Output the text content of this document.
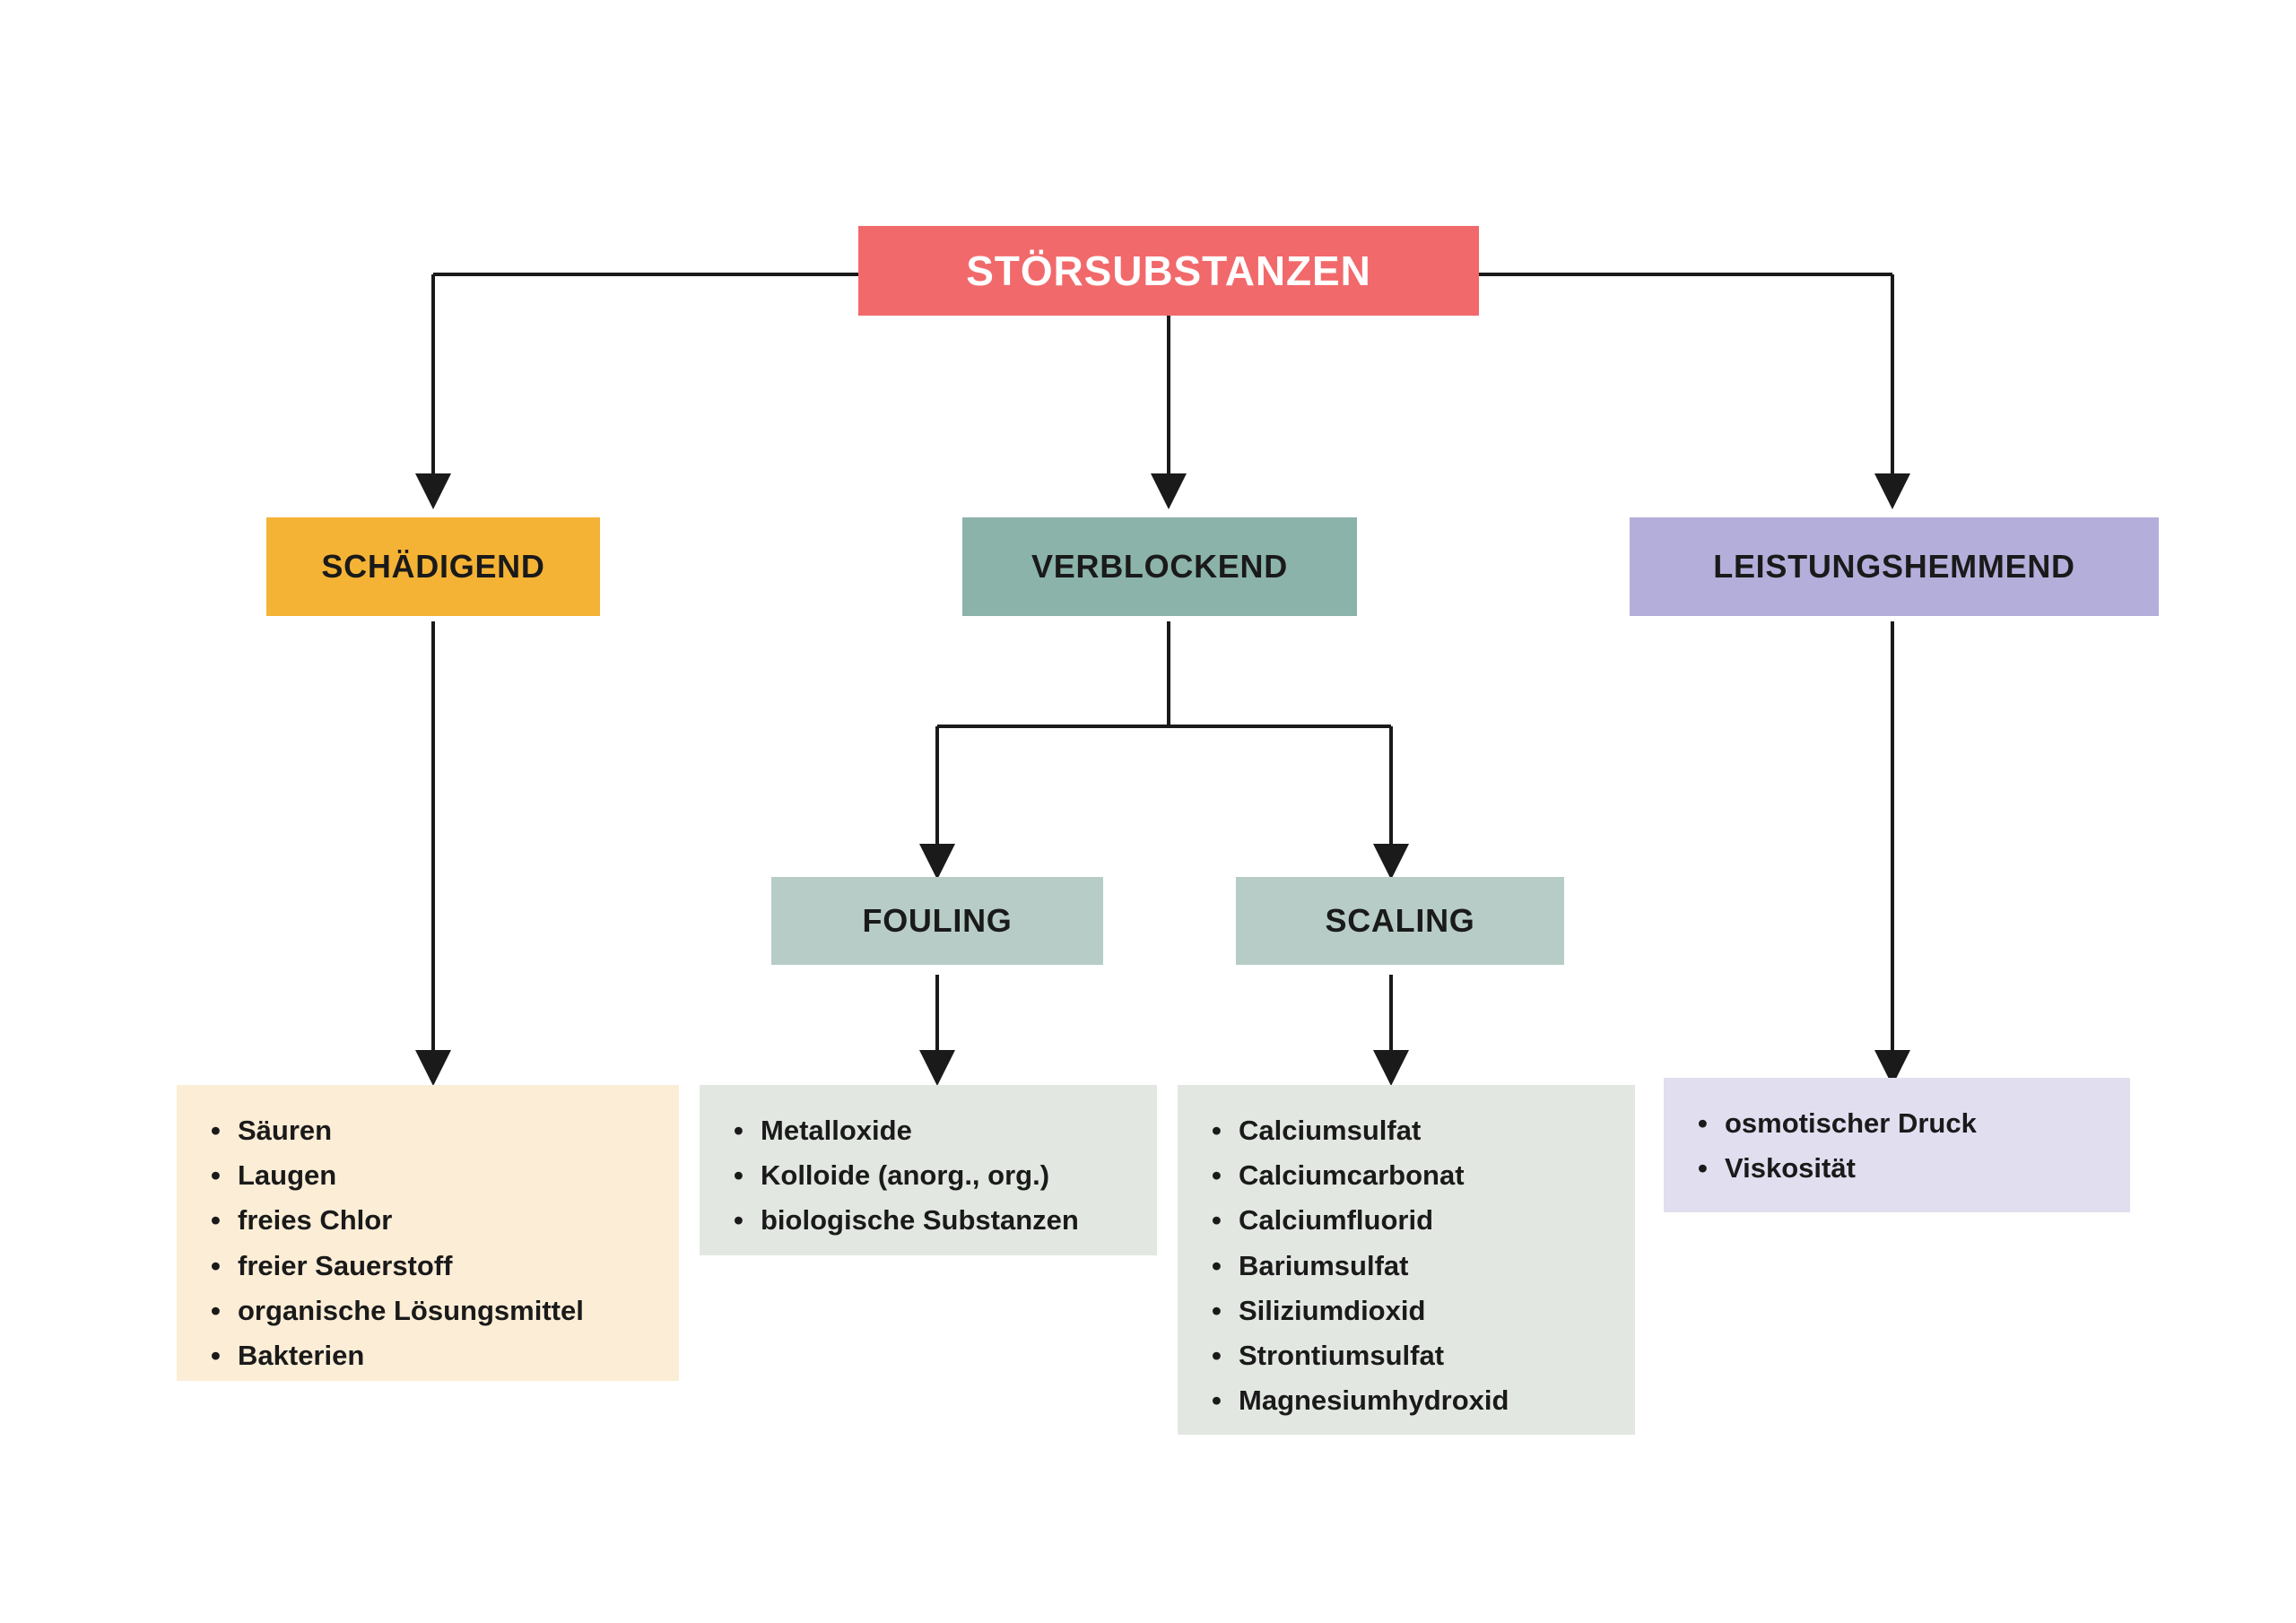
STÖRSUBSTANZEN
SCHÄDIGEND	VERBLOCKEND	LEISTUNGSHEMMEND
FOULING	SCALING
• Säuren
• Laugen
• freies Chlor
• freier Sauerstoff
• organische Lösungsmittel
• Bakterien
• Metalloxide
• Kolloide (anorg., org.)
• biologische Substanzen
• Calciumsulfat
• Calciumcarbonat
• Calciumfluorid
• Bariumsulfat
• Siliziumdioxid
• Strontiumsulfat
• Magnesiumhydroxid
• osmotischer Druck
• Viskosität
